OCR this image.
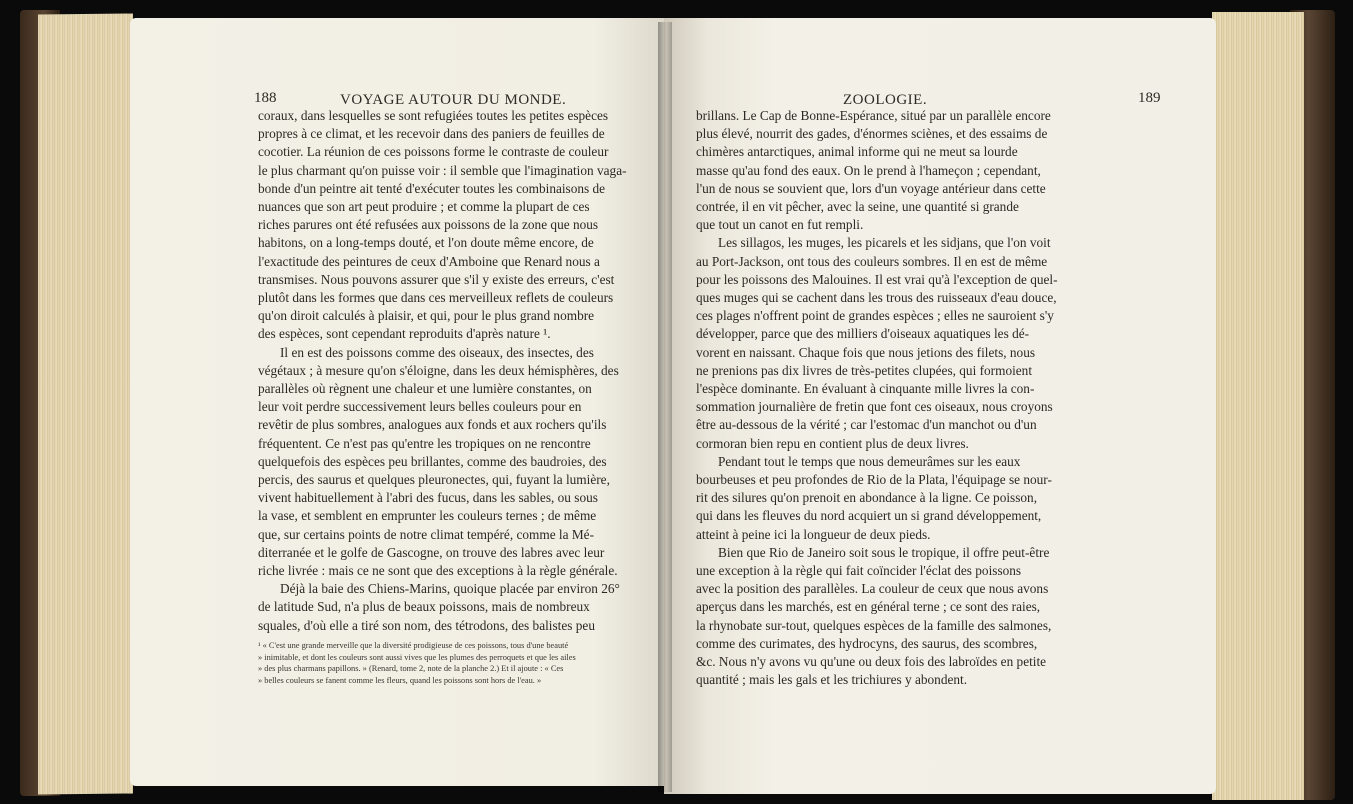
188	VOYAGE AUTOUR DU MONDE.	ZOOLOGIE.	189
coraux, dans lesquelles se sont refugiées toutes les petites espèces
propres à ce climat, et les recevoir dans des paniers de feuilles de
cocotier. La réunion de ces poissons forme le contraste de couleur
le plus charmant qu'on puisse voir : il semble que l'imagination vaga-
bonde d'un peintre ait tenté d'exécuter toutes les combinaisons de
nuances que son art peut produire ; et comme la plupart de ces
riches parures ont été refusées aux poissons de la zone que nous
habitons, on a long-temps douté, et l'on doute même encore, de
l'exactitude des peintures de ceux d'Amboine que Renard nous a
transmises. Nous pouvons assurer que s'il y existe des erreurs, c'est
plutôt dans les formes que dans ces merveilleux reflets de couleurs
qu'on diroit calculés à plaisir, et qui, pour le plus grand nombre
des espèces, sont cependant reproduits d'après nature ¹.
Il en est des poissons comme des oiseaux, des insectes, des
végétaux ; à mesure qu'on s'éloigne, dans les deux hémisphères, des
parallèles où règnent une chaleur et une lumière constantes, on
leur voit perdre successivement leurs belles couleurs pour en
revêtir de plus sombres, analogues aux fonds et aux rochers qu'ils
fréquentent. Ce n'est pas qu'entre les tropiques on ne rencontre
quelquefois des espèces peu brillantes, comme des baudroies, des
percis, des saurus et quelques pleuronectes, qui, fuyant la lumière,
vivent habituellement à l'abri des fucus, dans les sables, ou sous
la vase, et semblent en emprunter les couleurs ternes ; de même
que, sur certains points de notre climat tempéré, comme la Mé-
diterranée et le golfe de Gascogne, on trouve des labres avec leur
riche livrée : mais ce ne sont que des exceptions à la règle générale.
Déjà la baie des Chiens-Marins, quoique placée par environ 26°
de latitude Sud, n'a plus de beaux poissons, mais de nombreux
squales, d'où elle a tiré son nom, des tétrodons, des balistes peu
¹ « C'est une grande merveille que la diversité prodigieuse de ces poissons, tous d'une beauté
» inimitable, et dont les couleurs sont aussi vives que les plumes des perroquets et que les ailes
» des plus charmans papillons. » (Renard, tome 2, note de la planche 2.) Et il ajoute : « Ces
» belles couleurs se fanent comme les fleurs, quand les poissons sont hors de l'eau. »
brillans. Le Cap de Bonne-Espérance, situé par un parallèle encore
plus élevé, nourrit des gades, d'énormes sciènes, et des essaims de
chimères antarctiques, animal informe qui ne meut sa lourde
masse qu'au fond des eaux. On le prend à l'hameçon ; cependant,
l'un de nous se souvient que, lors d'un voyage antérieur dans cette
contrée, il en vit pêcher, avec la seine, une quantité si grande
que tout un canot en fut rempli.
Les sillagos, les muges, les picarels et les sidjans, que l'on voit
au Port-Jackson, ont tous des couleurs sombres. Il en est de même
pour les poissons des Malouines. Il est vrai qu'à l'exception de quel-
ques muges qui se cachent dans les trous des ruisseaux d'eau douce,
ces plages n'offrent point de grandes espèces ; elles ne sauroient s'y
développer, parce que des milliers d'oiseaux aquatiques les dé-
vorent en naissant. Chaque fois que nous jetions des filets, nous
ne prenions pas dix livres de très-petites clupées, qui formoient
l'espèce dominante. En évaluant à cinquante mille livres la con-
sommation journalière de fretin que font ces oiseaux, nous croyons
être au-dessous de la vérité ; car l'estomac d'un manchot ou d'un
cormoran bien repu en contient plus de deux livres.
Pendant tout le temps que nous demeurâmes sur les eaux
bourbeuses et peu profondes de Rio de la Plata, l'équipage se nour-
rit des silures qu'on prenoit en abondance à la ligne. Ce poisson,
qui dans les fleuves du nord acquiert un si grand développement,
atteint à peine ici la longueur de deux pieds.
Bien que Rio de Janeiro soit sous le tropique, il offre peut-être
une exception à la règle qui fait coïncider l'éclat des poissons
avec la position des parallèles. La couleur de ceux que nous avons
aperçus dans les marchés, est en général terne ; ce sont des raies,
la rhynobate sur-tout, quelques espèces de la famille des salmones,
comme des curimates, des hydrocyns, des saurus, des scombres,
&c. Nous n'y avons vu qu'une ou deux fois des labroïdes en petite
quantité ; mais les gals et les trichiures y abondent.
